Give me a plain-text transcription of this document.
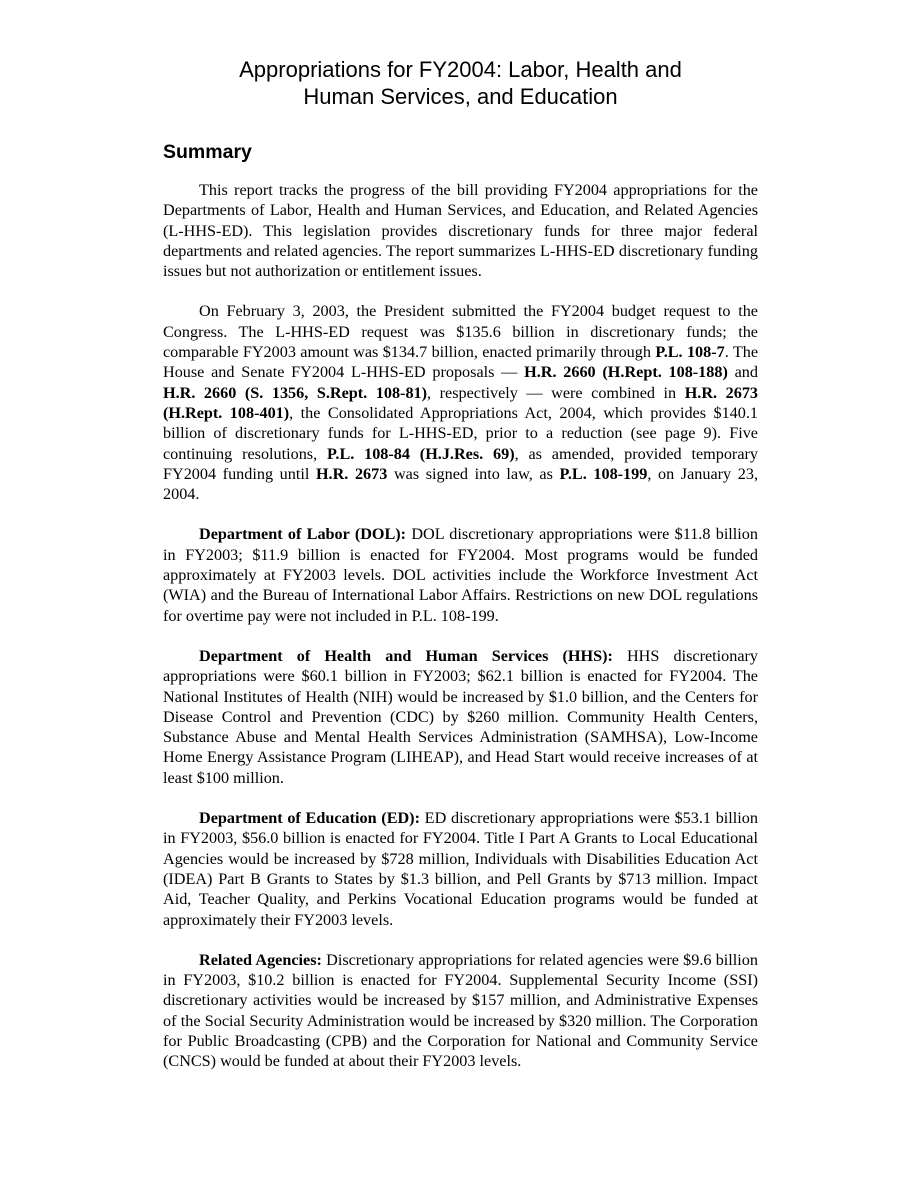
Appropriations for FY2004: Labor, Health and
Human Services, and Education
Summary

This report tracks the progress of the bill providing FY2004 appropriations for the Departments of Labor, Health and Human Services, and Education, and Related Agencies (L-HHS-ED). This legislation provides discretionary funds for three major federal departments and related agencies. The report summarizes L-HHS-ED discretionary funding issues but not authorization or entitlement issues.

On February 3, 2003, the President submitted the FY2004 budget request to the Congress. The L-HHS-ED request was $135.6 billion in discretionary funds; the comparable FY2003 amount was $134.7 billion, enacted primarily through P.L. 108-7. The House and Senate FY2004 L-HHS-ED proposals — H.R. 2660 (H.Rept. 108-188) and H.R. 2660 (S. 1356, S.Rept. 108-81), respectively — were combined in H.R. 2673 (H.Rept. 108-401), the Consolidated Appropriations Act, 2004, which provides $140.1 billion of discretionary funds for L-HHS-ED, prior to a reduction (see page 9). Five continuing resolutions, P.L. 108-84 (H.J.Res. 69), as amended, provided temporary FY2004 funding until H.R. 2673 was signed into law, as P.L. 108-199, on January 23, 2004.

Department of Labor (DOL): DOL discretionary appropriations were $11.8 billion in FY2003; $11.9 billion is enacted for FY2004. Most programs would be funded approximately at FY2003 levels. DOL activities include the Workforce Investment Act (WIA) and the Bureau of International Labor Affairs. Restrictions on new DOL regulations for overtime pay were not included in P.L. 108-199.

Department of Health and Human Services (HHS): HHS discretionary appropriations were $60.1 billion in FY2003; $62.1 billion is enacted for FY2004. The National Institutes of Health (NIH) would be increased by $1.0 billion, and the Centers for Disease Control and Prevention (CDC) by $260 million. Community Health Centers, Substance Abuse and Mental Health Services Administration (SAMHSA), Low-Income Home Energy Assistance Program (LIHEAP), and Head Start would receive increases of at least $100 million.

Department of Education (ED): ED discretionary appropriations were $53.1 billion in FY2003, $56.0 billion is enacted for FY2004. Title I Part A Grants to Local Educational Agencies would be increased by $728 million, Individuals with Disabilities Education Act (IDEA) Part B Grants to States by $1.3 billion, and Pell Grants by $713 million. Impact Aid, Teacher Quality, and Perkins Vocational Education programs would be funded at approximately their FY2003 levels.

Related Agencies: Discretionary appropriations for related agencies were $9.6 billion in FY2003, $10.2 billion is enacted for FY2004. Supplemental Security Income (SSI) discretionary activities would be increased by $157 million, and Administrative Expenses of the Social Security Administration would be increased by $320 million. The Corporation for Public Broadcasting (CPB) and the Corporation for National and Community Service (CNCS) would be funded at about their FY2003 levels.
